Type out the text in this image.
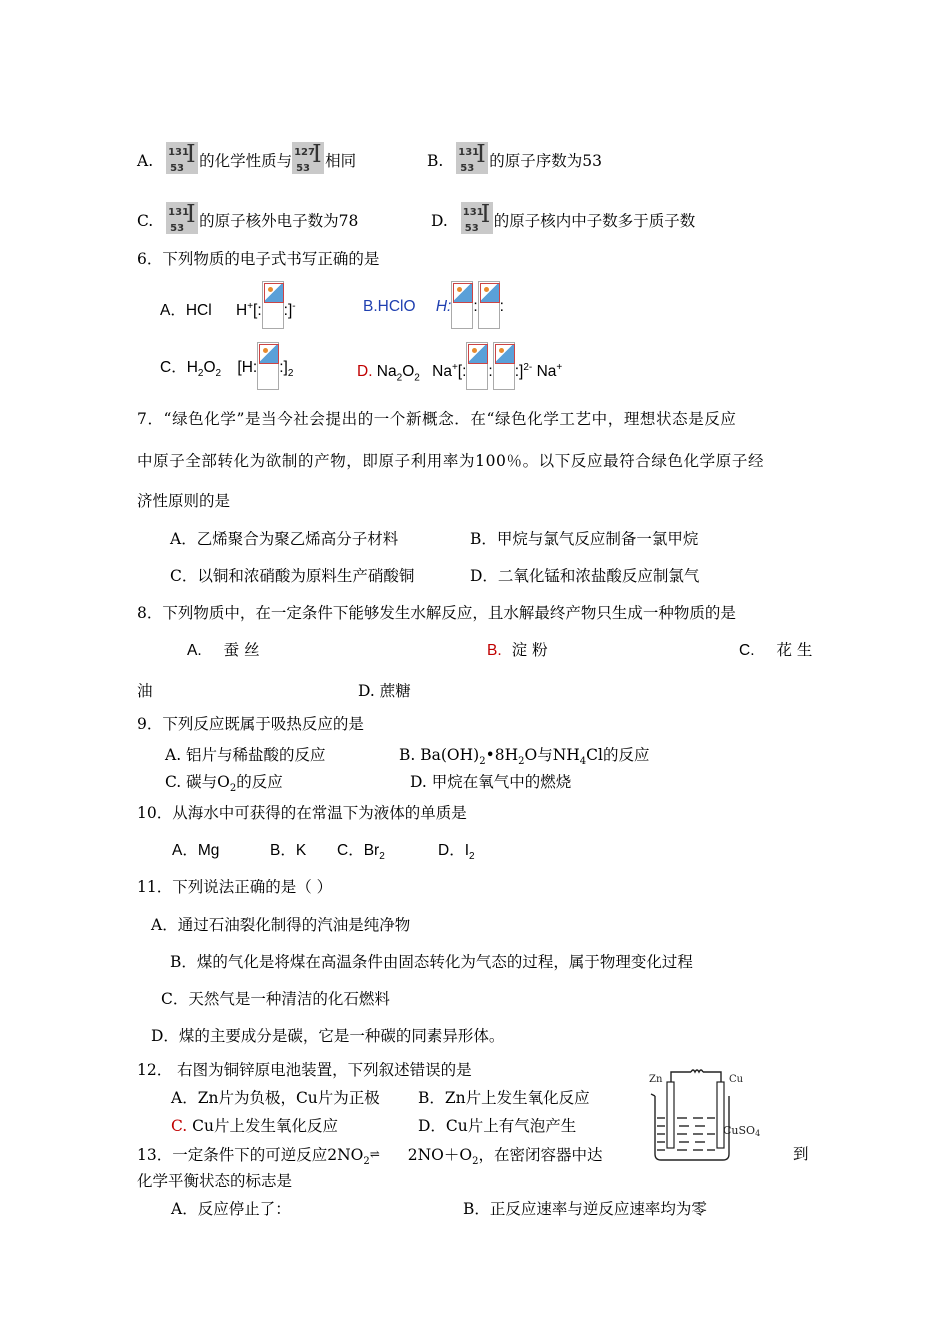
A. 131
53
I 的化学性质与 127
53
I 相同	B. 131
53
I 的原子序数为53
C. 131
53
I 的原子核外电子数为78	D. 131
53
I 的原子核内中子数多于质子数
6．下列物质的电子式书写正确的是
A．HCl H+[: :]-	B.HClO H: : :
C．$H_2O_2$ [H: $:]_2$	D. $Na_2O_2$ Na+[: : :]$^{2-}$ Na+
7．“绿色化学”是当今社会提出的一个新概念．在“绿色化学工艺中，理想状态是反应
中原子全部转化为欲制的产物，即原子利用率为100％。以下反应最符合绿色化学原子经
济性原则的是
A．乙烯聚合为聚乙烯高分子材料	B．甲烷与氯气反应制备一氯甲烷
C．以铜和浓硝酸为原料生产硝酸铜	D．二氧化锰和浓盐酸反应制氯气
8．下列物质中，在一定条件下能够发生水解反应，且水解最终产物只生成一种物质的是
A. 蚕 丝	B. 淀 粉	C. 花 生
油	D. 蔗糖
9．下列反应既属于吸热反应的是
A. 铝片与稀盐酸的反应	B. $Ba(OH)_2•8H_2O$与$NH_4Cl$的反应
C. 碳与$O_2$的反应	D. 甲烷在氧气中的燃烧
10．从海水中可获得的在常温下为液体的单质是
A．Mg	B．K C．$Br_2$	D．$I_2$
11．下列说法正确的是（ ）
A．通过石油裂化制得的汽油是纯净物
B．煤的气化是将煤在高温条件由固态转化为气态的过程，属于物理变化过程
C．天然气是一种清洁的化石燃料
D．煤的主要成分是碳，它是一种碳的同素异形体。
12． 右图为铜锌原电池装置，下列叙述错误的是
A．Zn片为负极，Cu片为正极 B．Zn片上发生氧化反应
C. Cu片上发生氧化反应	D．Cu片上有气泡产生
Zn	Cu
CuSO4
13．一定条件下的可逆反应$2NO_2\rightleftharpoons$ $2NO+O_2$，在密闭容器中达	到
化学平衡状态的标志是
A．反应停止了：	B．正反应速率与逆反应速率均为零
